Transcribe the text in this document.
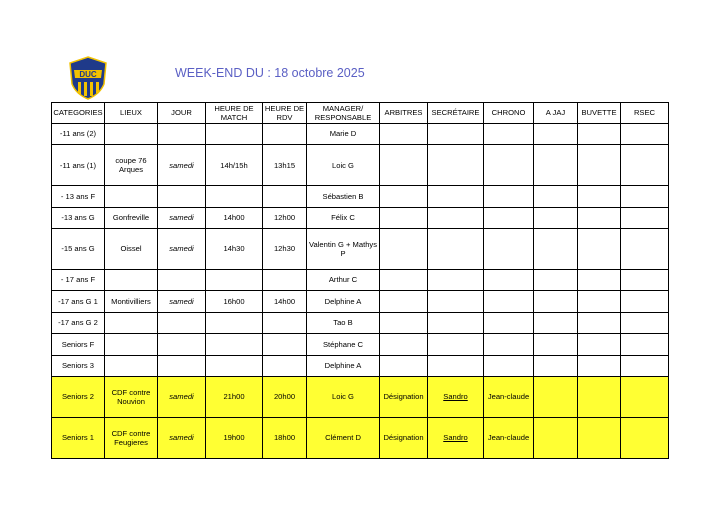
DUC	WEEK-END DU : 18 octobre 2025
CATEGORIES	LIEUX	JOUR	HEURE DE MATCH	HEURE DE RDV	MANAGER/ RESPONSABLE	ARBITRES	SECRÉTAIRE	CHRONO	A JAJ	BUVETTE	RSEC
-11 ans (2)					Marie D						
-11 ans (1)	coupe 76 Arques	samedi	14h/15h	13h15	Loic G						
- 13 ans F					Sébastien B						
-13 ans G	Gonfreville	samedi	14h00	12h00	Félix C						
-15 ans G	Oissel	samedi	14h30	12h30	Valentin G + Mathys P						
- 17 ans F					Arthur C						
-17 ans G 1	Montivilliers	samedi	16h00	14h00	Delphine A						
-17 ans G 2					Tao B						
Seniors F					Stéphane C						
Seniors 3					Delphine A						
Seniors 2	CDF contre Nouvion	samedi	21h00	20h00	Loic G	Désignation	Sandro	Jean-claude			
Seniors 1	CDF contre Feugieres	samedi	19h00	18h00	Clément D	Désignation	Sandro	Jean-claude			
